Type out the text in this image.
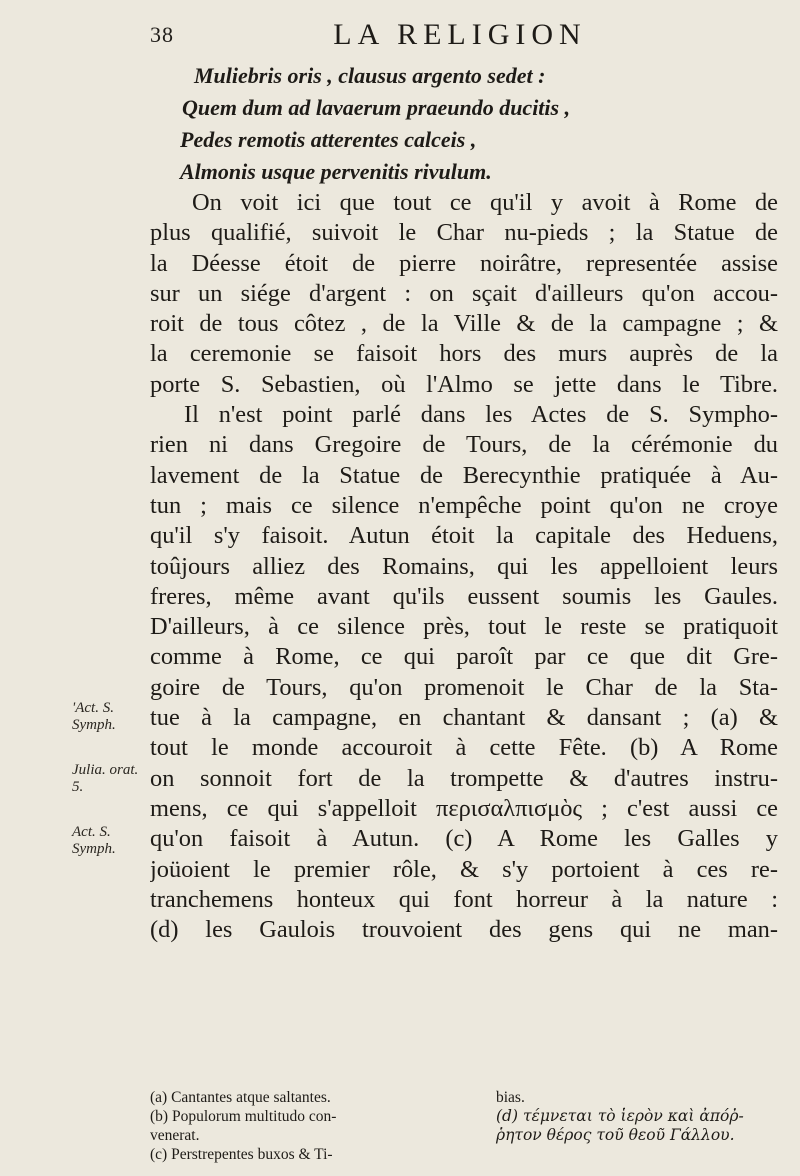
38	LA RELIGION
Muliebris oris , clausus argento sedet :
Quem dum ad lavaerum praeundo ducitis ,
Pedes remotis atterentes calceis ,
Almonis usque pervenitis rivulum.
On voit ici que tout ce qu'il y avoit à Rome de
plus qualifié, suivoit le Char nu-pieds ; la Statue de
la Déesse étoit de pierre noirâtre, representée assise
sur un siége d'argent : on sçait d'ailleurs qu'on accou-
roit de tous côtez , de la Ville & de la campagne ; &
la ceremonie se faisoit hors des murs auprès de la
porte S. Sebastien, où l'Almo se jette dans le Tibre.
Il n'est point parlé dans les Actes de S. Sympho-
rien ni dans Gregoire de Tours, de la cérémonie du
lavement de la Statue de Berecynthie pratiquée à Au-
tun ; mais ce silence n'empêche point qu'on ne croye
qu'il s'y faisoit. Autun étoit la capitale des Heduens,
toûjours alliez des Romains, qui les appelloient leurs
freres, même avant qu'ils eussent soumis les Gaules.
D'ailleurs, à ce silence près, tout le reste se pratiquoit
comme à Rome, ce qui paroît par ce que dit Gre-
goire de Tours, qu'on promenoit le Char de la Sta-
tue à la campagne, en chantant & dansant ; (a) &
tout le monde accouroit à cette Fête. (b) A Rome
on sonnoit fort de la trompette & d'autres instru-
mens, ce qui s'appelloit περισαλπισμὸς ; c'est aussi ce
qu'on faisoit à Autun. (c) A Rome les Galles y
joüoient le premier rôle, & s'y portoient à ces re-
tranchemens honteux qui font horreur à la nature :
(d) les Gaulois trouvoient des gens qui ne man-
'Act. S.
Symph.
Julia. orat.
5.
Act. S.
Symph.
(a) Cantantes atque saltantes.
(b) Populorum multitudo con-
venerat.
(c) Perstrepentes buxos & Ti-
bias.
(d) τέμνεται τὸ ἱερὸν καὶ ἀπόῤ-
ῥητον θέρος τοῦ θεοῦ Γάλλου.
